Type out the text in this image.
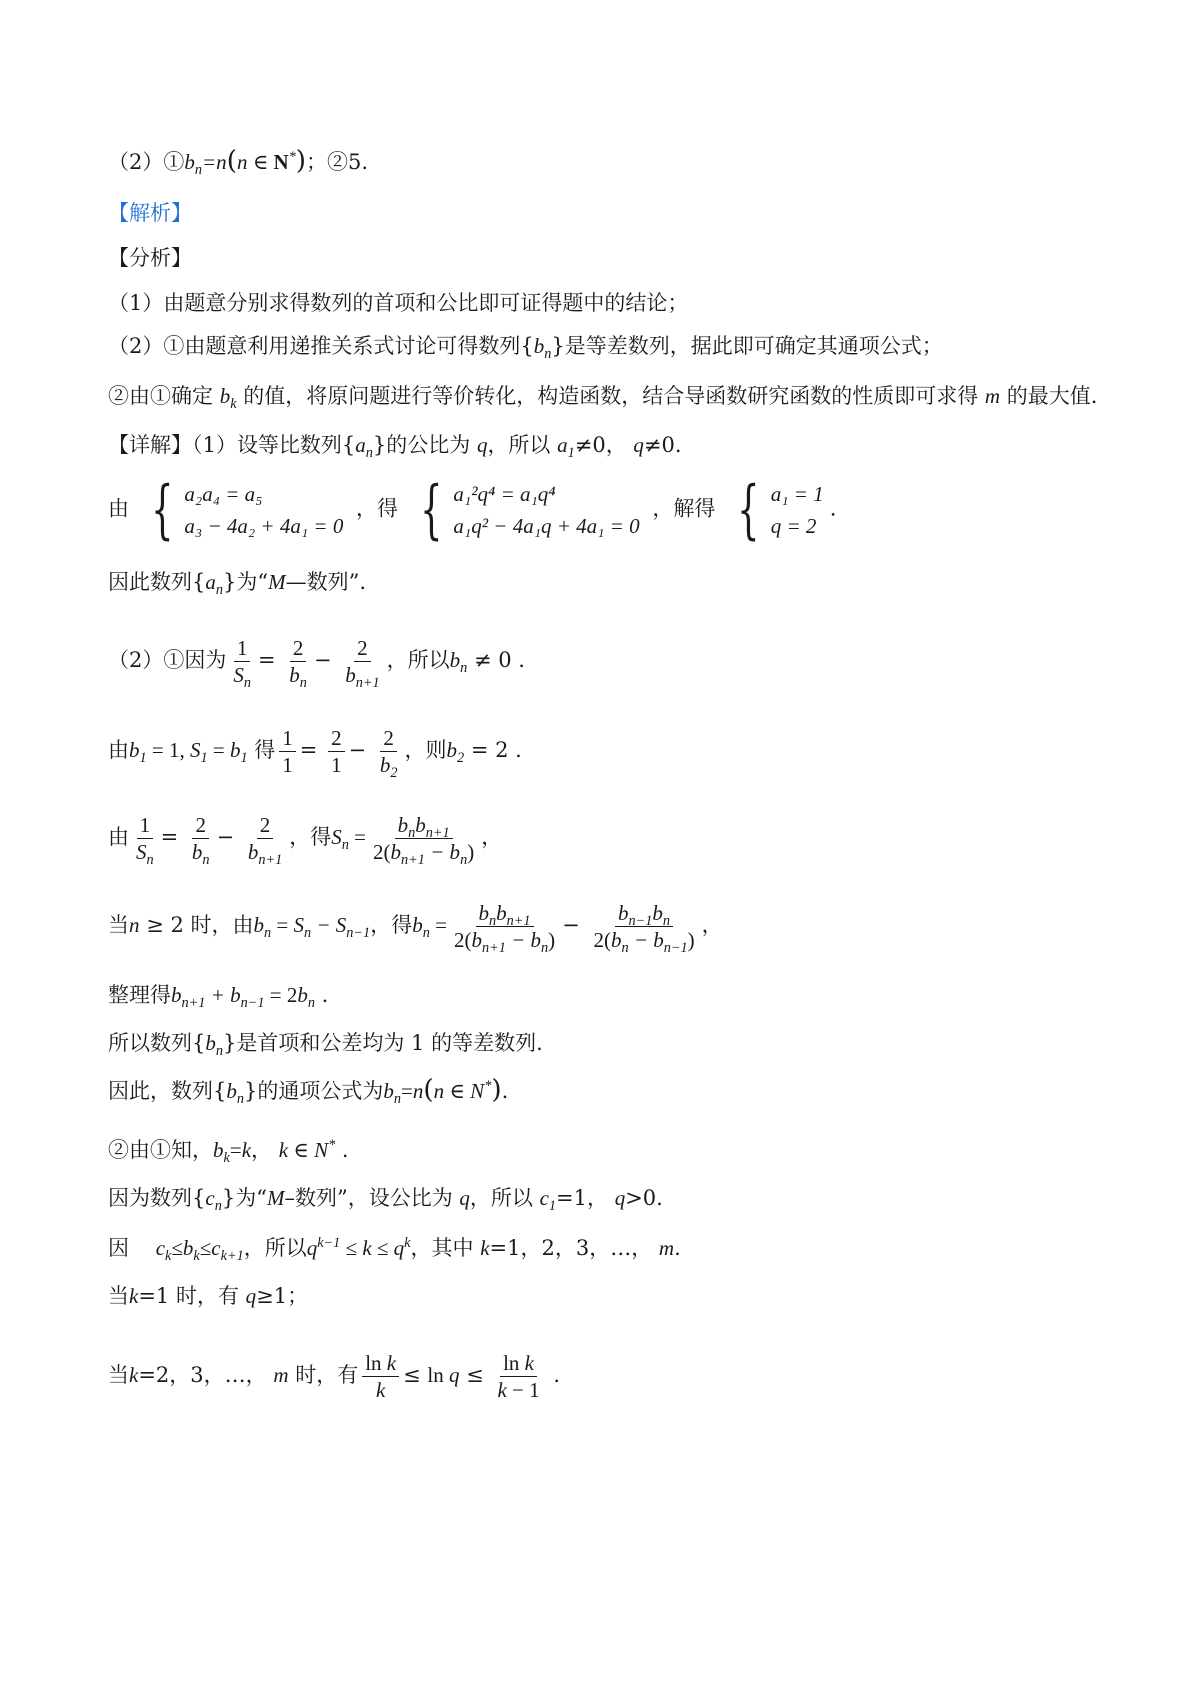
$(2)①b_n=n(n$ ∈ N*)；②5.
【解析】
【分析】
（1）由题意分别求得数列的首项和公比即可证得题中的结论；
（2）①由题意利用递推关系式讨论可得数列$\{b_n\}$是等差数列，据此即可确定其通项公式；
②由①确定 $b_k$ 的值，将原问题进行等价转化，构造函数，结合导函数研究函数的性质即可求得 m 的最大值.
【详解】（1）设等比数列$\{a_n\}$的公比为 q，所以 $a_1\ne 0$， q≠0.
由 { a₂a₄ = a₅
a₃ − 4a₂ + 4a₁ = 0
，得 { a₁²q⁴ = a₁q⁴
a₁q² − 4a₁q + 4a₁ = 0
，解得 { a₁ = 1
q = 2
.
因此数列$\{a_n\}$为“M—数列”.
（2）①因为 $\frac{1}{S_n} = \frac{2}{b_n} - \frac{2}{b_{n+1}}$ ，所以$b_n \ne 0$ .
由$b_1 = 1$, $S_1 = b_1$ 得 $\frac{1}{1} = \frac{2}{1} - \frac{2}{b_2}$ ，则$b_2 = 2$ .
由 $\frac{1}{S_n} = \frac{2}{b_n} - \frac{2}{b_{n+1}}$ ，得$S_n = \frac{b_nb_{n+1}}{2(b_{n+1} - b_n)}$ ，
当n ≥ 2 时，由$b_n = S_n - S_{n-1}$，得$b_n = \frac{b_nb_{n+1}}{2(b_{n+1} - b_n)} - \frac{b_{n-1}b_n}{2(b_n - b_{n-1})}$ ，
整理得$b_{n+1} + b_{n-1} = 2b_n$ .
所以数列$\{b_n\}$是首项和公差均为 1 的等差数列.
因此，数列$\{b_n\}$的通项公式为$b_n=n(n$ ∈ N*).
②由①知，$b_k=k$， k ∈ N* .
因为数列$\{c_n\}$为“M–数列”，设公比为 q，所以 $c_1=1$， q>0.
因 $c_k\le b_k\le c_{k+1}$，所以$q^{k-1} \le k \le q^k$，其中 k=1，2，3，…， m.
当k=1 时，有 q≥1；
当k=2，3，…， m 时，有 $\frac{\text{ln k}}{k} \le \ln q \le \frac{\text{ln k}}{k - 1}$ .
